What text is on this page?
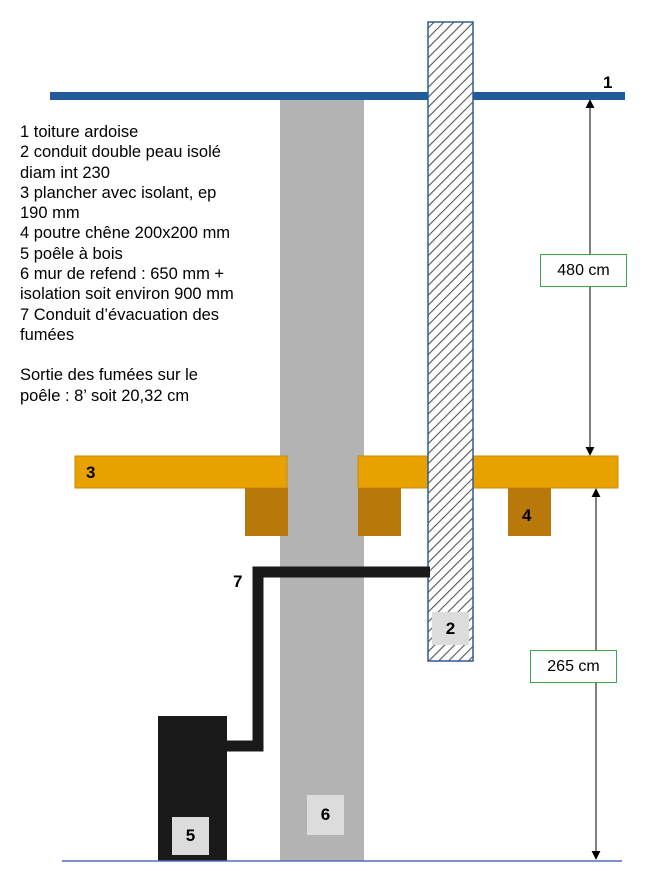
1 toiture ardoise
2 conduit double peau isolé
diam int 230
3 plancher avec isolant, ep
190 mm
4 poutre chêne 200x200 mm
5 poêle à bois
6 mur de refend : 650 mm +
isolation soit environ 900 mm
7 Conduit d’évacuation des
fumées
Sortie des fumées sur le
poêle : 8’ soit 20,32 cm
480 cm
265 cm
1
3
4
7
2
6
5
